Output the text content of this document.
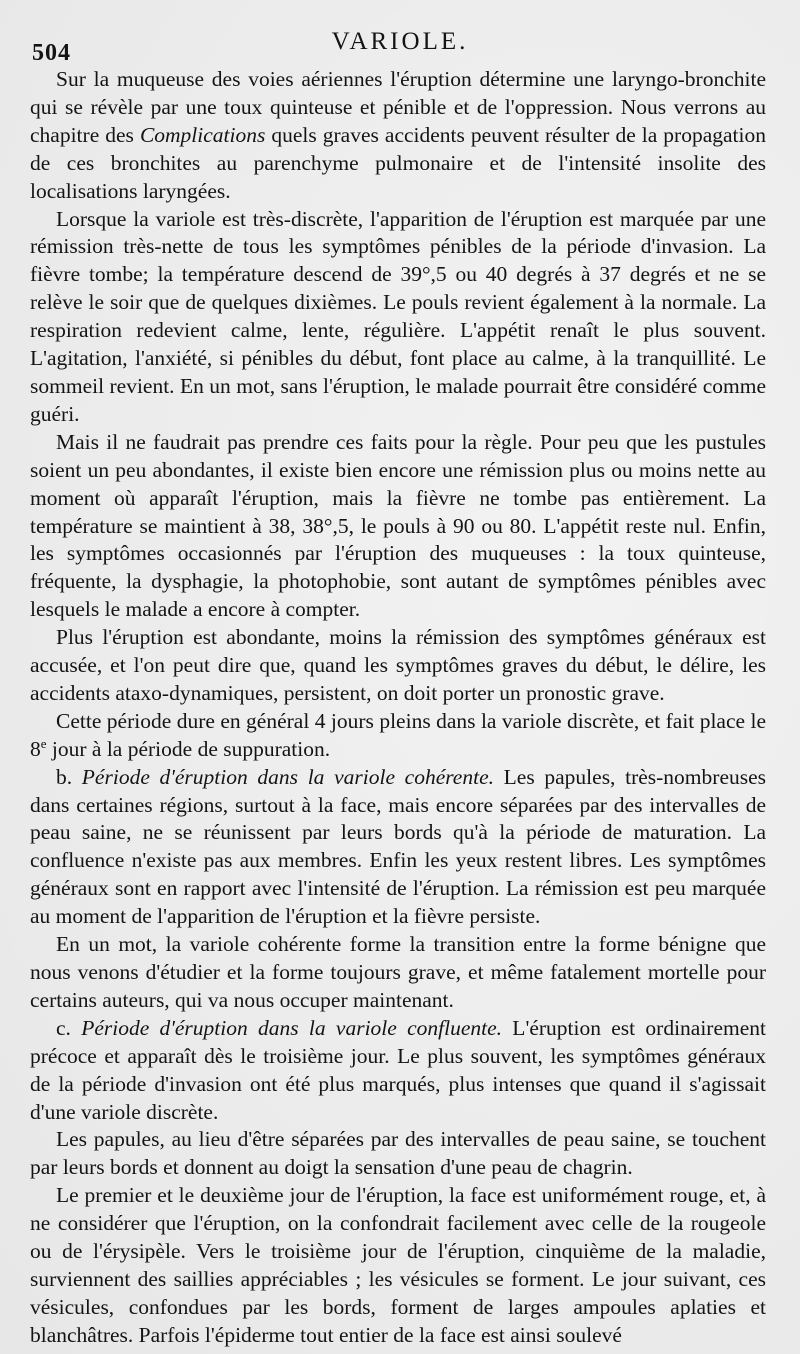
504	VARIOLE.

Sur la muqueuse des voies aériennes l'éruption détermine une laryngo-bronchite qui se révèle par une toux quinteuse et pénible et de l'oppression. Nous verrons au chapitre des Complications quels graves accidents peuvent résulter de la propagation de ces bronchites au parenchyme pulmonaire et de l'intensité insolite des localisations laryngées.

Lorsque la variole est très-discrète, l'apparition de l'éruption est marquée par une rémission très-nette de tous les symptômes pénibles de la période d'invasion. La fièvre tombe; la température descend de 39°,5 ou 40 degrés à 37 degrés et ne se relève le soir que de quelques dixièmes. Le pouls revient également à la normale. La respiration redevient calme, lente, régulière. L'appétit renaît le plus souvent. L'agitation, l'anxiété, si pénibles du début, font place au calme, à la tranquillité. Le sommeil revient. En un mot, sans l'éruption, le malade pourrait être considéré comme guéri.

Mais il ne faudrait pas prendre ces faits pour la règle. Pour peu que les pustules soient un peu abondantes, il existe bien encore une rémission plus ou moins nette au moment où apparaît l'éruption, mais la fièvre ne tombe pas entièrement. La température se maintient à 38, 38°,5, le pouls à 90 ou 80. L'appétit reste nul. Enfin, les symptômes occasionnés par l'éruption des muqueuses : la toux quinteuse, fréquente, la dysphagie, la photophobie, sont autant de symptômes pénibles avec lesquels le malade a encore à compter.

Plus l'éruption est abondante, moins la rémission des symptômes généraux est accusée, et l'on peut dire que, quand les symptômes graves du début, le délire, les accidents ataxo-dynamiques, persistent, on doit porter un pronostic grave.

Cette période dure en général 4 jours pleins dans la variole discrète, et fait place le 8e jour à la période de suppuration.

b. Période d'éruption dans la variole cohérente. Les papules, très-nombreuses dans certaines régions, surtout à la face, mais encore séparées par des intervalles de peau saine, ne se réunissent par leurs bords qu'à la période de maturation. La confluence n'existe pas aux membres. Enfin les yeux restent libres. Les symptômes généraux sont en rapport avec l'intensité de l'éruption. La rémission est peu marquée au moment de l'apparition de l'éruption et la fièvre persiste.

En un mot, la variole cohérente forme la transition entre la forme bénigne que nous venons d'étudier et la forme toujours grave, et même fatalement mortelle pour certains auteurs, qui va nous occuper maintenant.

c. Période d'éruption dans la variole confluente. L'éruption est ordinairement précoce et apparaît dès le troisième jour. Le plus souvent, les symptômes généraux de la période d'invasion ont été plus marqués, plus intenses que quand il s'agissait d'une variole discrète.

Les papules, au lieu d'être séparées par des intervalles de peau saine, se touchent par leurs bords et donnent au doigt la sensation d'une peau de chagrin.

Le premier et le deuxième jour de l'éruption, la face est uniformément rouge, et, à ne considérer que l'éruption, on la confondrait facilement avec celle de la rougeole ou de l'érysipèle. Vers le troisième jour de l'éruption, cinquième de la maladie, surviennent des saillies appréciables ; les vésicules se forment. Le jour suivant, ces vésicules, confondues par les bords, forment de larges ampoules aplaties et blanchâtres. Parfois l'épiderme tout entier de la face est ainsi soulevé
